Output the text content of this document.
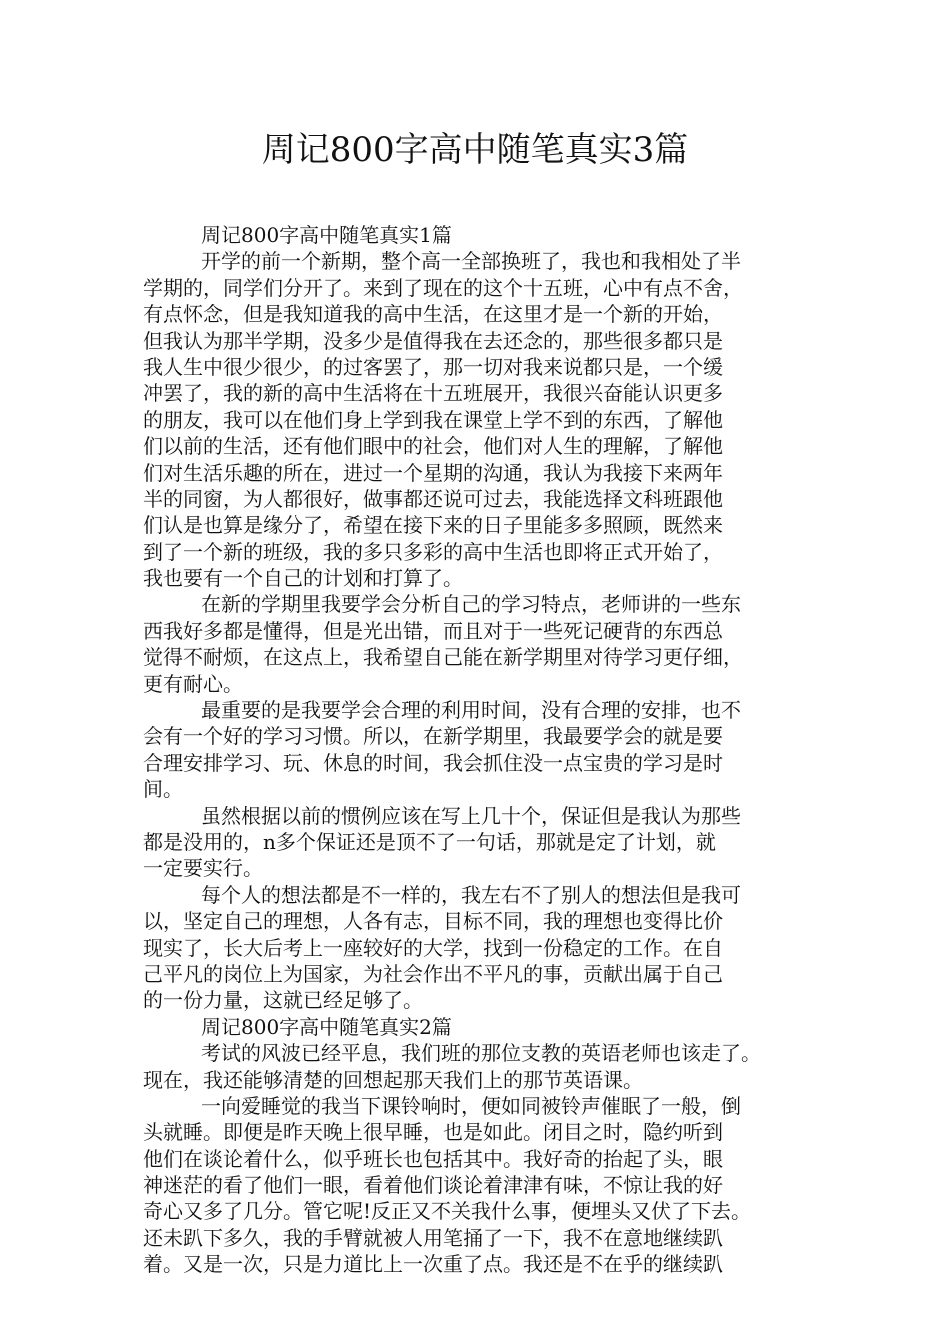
周记800字高中随笔真实3篇
周记800字高中随笔真实1篇
开学的前一个新期，整个高一全部换班了，我也和我相处了半
学期的，同学们分开了。来到了现在的这个十五班，心中有点不舍，
有点怀念，但是我知道我的高中生活，在这里才是一个新的开始，
但我认为那半学期，没多少是值得我在去还念的，那些很多都只是
我人生中很少很少，的过客罢了，那一切对我来说都只是，一个缓
冲罢了，我的新的高中生活将在十五班展开，我很兴奋能认识更多
的朋友，我可以在他们身上学到我在课堂上学不到的东西，了解他
们以前的生活，还有他们眼中的社会，他们对人生的理解，了解他
们对生活乐趣的所在，进过一个星期的沟通，我认为我接下来两年
半的同窗，为人都很好，做事都还说可过去，我能选择文科班跟他
们认是也算是缘分了，希望在接下来的日子里能多多照顾，既然来
到了一个新的班级，我的多只多彩的高中生活也即将正式开始了，
我也要有一个自己的计划和打算了。
在新的学期里我要学会分析自己的学习特点，老师讲的一些东
西我好多都是懂得，但是光出错，而且对于一些死记硬背的东西总
觉得不耐烦，在这点上，我希望自己能在新学期里对待学习更仔细，
更有耐心。
最重要的是我要学会合理的利用时间，没有合理的安排，也不
会有一个好的学习习惯。所以，在新学期里，我最要学会的就是要
合理安排学习、玩、休息的时间，我会抓住没一点宝贵的学习是时
间。
虽然根据以前的惯例应该在写上几十个，保证但是我认为那些
都是没用的，n多个保证还是顶不了一句话，那就是定了计划，就
一定要实行。
每个人的想法都是不一样的，我左右不了别人的想法但是我可
以，坚定自己的理想，人各有志，目标不同，我的理想也变得比价
现实了，长大后考上一座较好的大学，找到一份稳定的工作。在自
己平凡的岗位上为国家，为社会作出不平凡的事，贡献出属于自己
的一份力量，这就已经足够了。
周记800字高中随笔真实2篇
考试的风波已经平息，我们班的那位支教的英语老师也该走了。
现在，我还能够清楚的回想起那天我们上的那节英语课。
一向爱睡觉的我当下课铃响时，便如同被铃声催眠了一般，倒
头就睡。即便是昨天晚上很早睡，也是如此。闭目之时，隐约听到
他们在谈论着什么，似乎班长也包括其中。我好奇的抬起了头，眼
神迷茫的看了他们一眼，看着他们谈论着津津有味，不惊让我的好
奇心又多了几分。管它呢!反正又不关我什么事，便埋头又伏了下去。
还未趴下多久，我的手臂就被人用笔捅了一下，我不在意地继续趴
着。又是一次，只是力道比上一次重了点。我还是不在乎的继续趴
